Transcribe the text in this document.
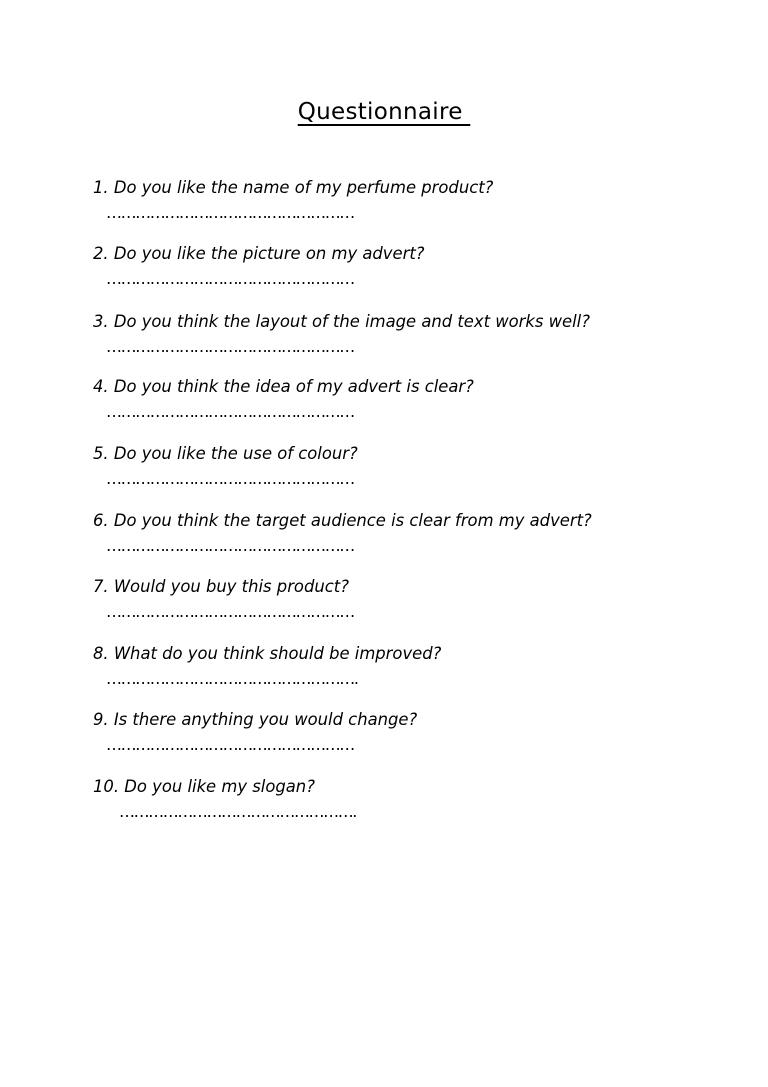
Questionnaire
1. Do you like the name of my perfume product?
……………………………………………
2. Do you like the picture on my advert?
……………………………………………
3. Do you think the layout of the image and text works well?
……………………………………………
4. Do you think the idea of my advert is clear?
……………………………………………
5. Do you like the use of colour?
……………………………………………
6. Do you think the target audience is clear from my advert?
……………………………………………
7. Would you buy this product?
……………………………………………
8. What do you think should be improved?
…………………………………………….
9. Is there anything you would change?
……………………………………………
10. Do you like my slogan?
………………………………………….
